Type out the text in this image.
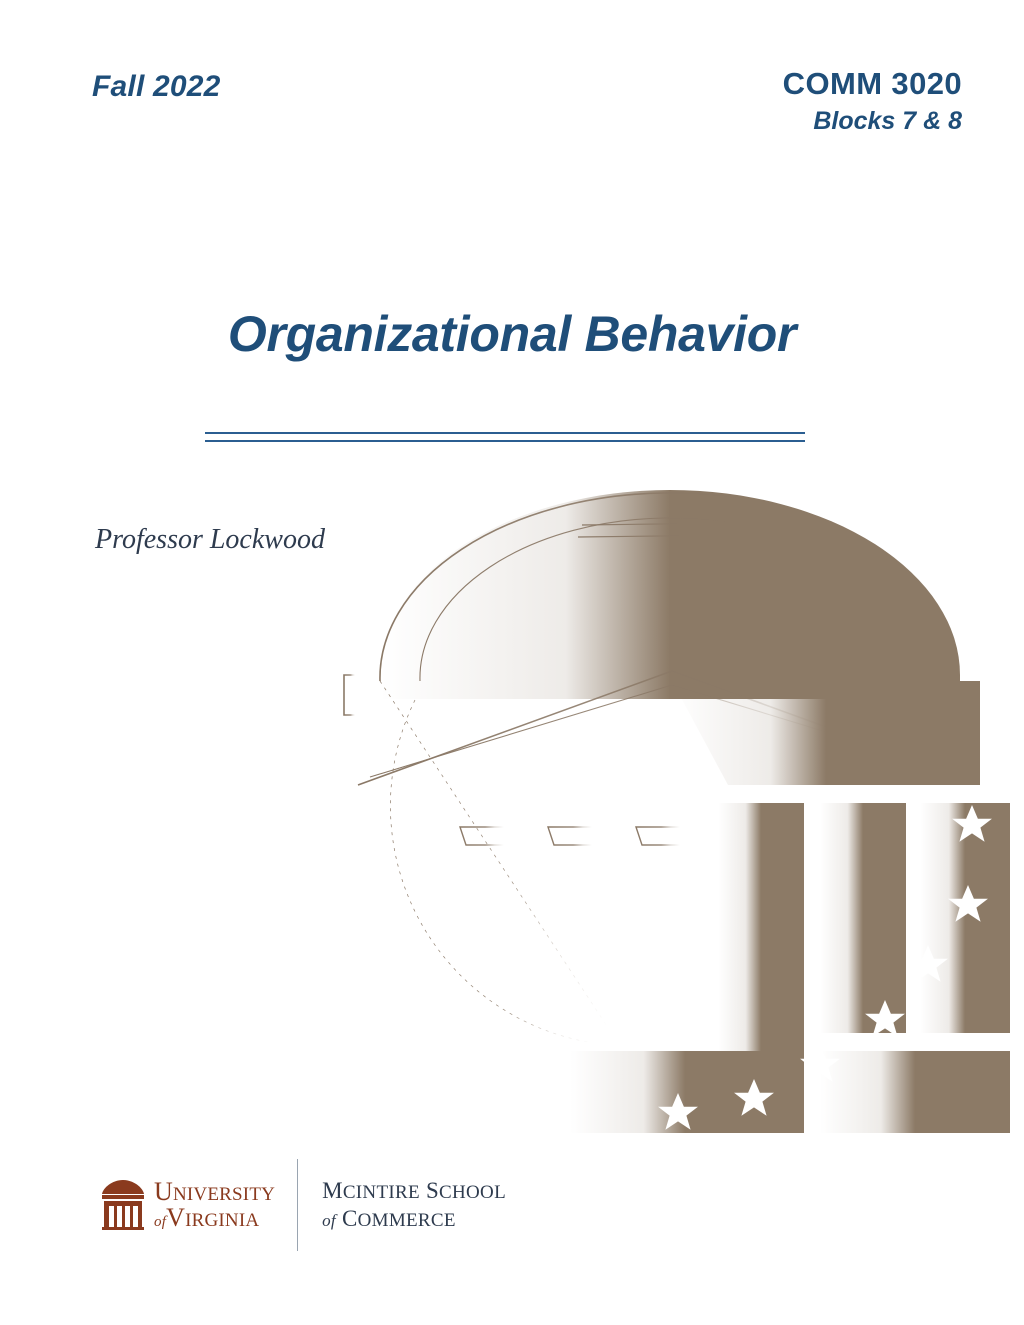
Fall 2022	COMM 3020
Blocks 7 & 8
Organizational Behavior
Professor Lockwood
UNIVERSITY
ofVIRGINIA
MCINTIRE SCHOOL
of COMMERCE
